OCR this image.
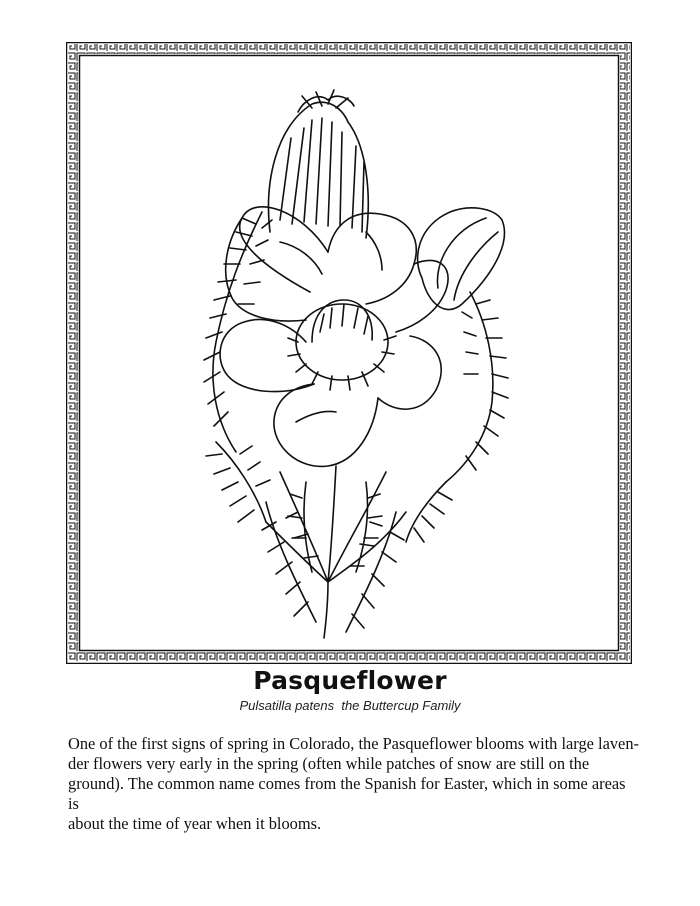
Pasqueflower
Pulsatilla patens the Buttercup Family
One of the first signs of spring in Colorado, the Pasqueflower blooms with large laven-
der flowers very early in the spring (often while patches of snow are still on the
ground). The common name comes from the Spanish for Easter, which in some areas is
about the time of year when it blooms.
